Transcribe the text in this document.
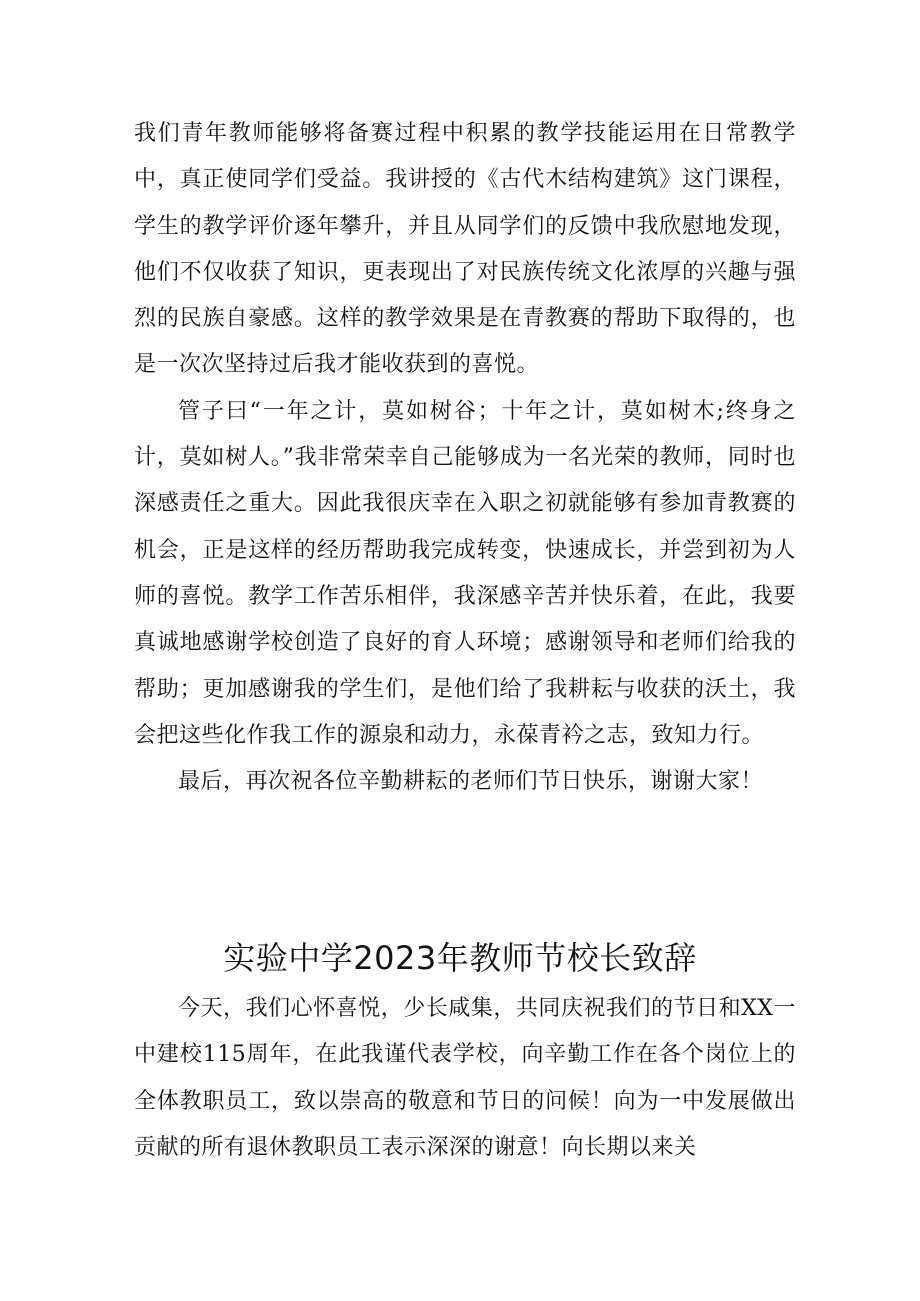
我们青年教师能够将备赛过程中积累的教学技能运用在日常教学中，真正使同学们受益。我讲授的《古代木结构建筑》这门课程，学生的教学评价逐年攀升，并且从同学们的反馈中我欣慰地发现，他们不仅收获了知识，更表现出了对民族传统文化浓厚的兴趣与强烈的民族自豪感。这样的教学效果是在青教赛的帮助下取得的，也是一次次坚持过后我才能收获到的喜悦。

管子曰“一年之计，莫如树谷；十年之计，莫如树木;终身之计，莫如树人。”我非常荣幸自己能够成为一名光荣的教师，同时也深感责任之重大。因此我很庆幸在入职之初就能够有参加青教赛的机会，正是这样的经历帮助我完成转变，快速成长，并尝到初为人师的喜悦。教学工作苦乐相伴，我深感辛苦并快乐着，在此，我要真诚地感谢学校创造了良好的育人环境；感谢领导和老师们给我的帮助；更加感谢我的学生们，是他们给了我耕耘与收获的沃土，我会把这些化作我工作的源泉和动力，永葆青衿之志，致知力行。

最后，再次祝各位辛勤耕耘的老师们节日快乐，谢谢大家！

实验中学2023年教师节校长致辞

今天，我们心怀喜悦，少长咸集，共同庆祝我们的节日和XX一中建校115周年，在此我谨代表学校，向辛勤工作在各个岗位上的全体教职员工，致以崇高的敬意和节日的问候！向为一中发展做出贡献的所有退休教职员工表示深深的谢意！向长期以来关
